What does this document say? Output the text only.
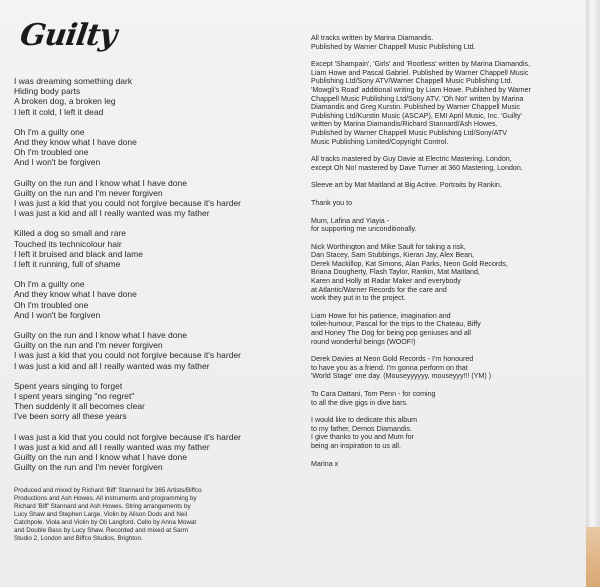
Guilty
I was dreaming something dark
Hiding body parts
A broken dog, a broken leg
I left it cold, I left it dead
Oh I'm a guilty one
And they know what I have done
Oh I'm troubled one
And I won't be forgiven
Guilty on the run and I know what I have done
Guilty on the run and I'm never forgiven
I was just a kid that you could not forgive because it's harder
I was just a kid and all I really wanted was my father
Killed a dog so small and rare
Touched its technicolour hair
I left it bruised and black and lame
I left it running, full of shame
Oh I'm a guilty one
And they know what I have done
Oh I'm troubled one
And I won't be forgiven
Guilty on the run and I know what I have done
Guilty on the run and I'm never forgiven
I was just a kid that you could not forgive because it's harder
I was just a kid and all I really wanted was my father
Spent years singing to forget
I spent years singing "no regret"
Then suddenly it all becomes clear
I've been sorry all these years
I was just a kid that you could not forgive because it's harder
I was just a kid and all I really wanted was my father
Guilty on the run and I know what I have done
Guilty on the run and I'm never forgiven
Produced and mixed by Richard 'Biff' Stannard for 365 Artists/Biffco
Productions and Ash Howes. All instruments and programming by
Richard 'Biff' Stannard and Ash Howes. String arrangements by
Lucy Shaw and Stephen Large. Violin by Alison Dods and Neil
Catchpole. Viola and Violin by Oli Langford. Cello by Anna Mowat
and Double Bass by Lucy Shaw. Recorded and mixed at Sarm
Studio 2, London and Biffco Studios, Brighton.
All tracks written by Marina Diamandis.
Published by Warner Chappell Music Publishing Ltd.
Except 'Shampain', 'Girls' and 'Rootless' written by Marina Diamandis,
Liam Howe and Pascal Gabriel. Published by Warner Chappell Music
Publishing Ltd/Sony ATV/Warner Chappell Music Publishing Ltd.
'Mowgli's Road' additional writing by Liam Howe. Published by Warner
Chappell Music Publishing Ltd/Sony ATV. 'Oh No!' written by Marina
Diamandis and Greg Kurstin. Published by Warner Chappell Music
Publishing Ltd/Kurstin Music (ASCAP), EMI April Music, Inc. 'Guilty'
written by Marina Diamandis/Richard Stannard/Ash Howes.
Published by Warner Chappell Music Publishing Ltd/Sony/ATV
Music Publishing Limited/Copyright Control.
All tracks mastered by Guy Davie at Electric Mastering, London,
except Oh No! mastered by Dave Turner at 360 Mastering, London.
Sleeve art by Mat Maitland at Big Active. Portraits by Rankin.
Thank you to
Mum, Lafina and Yiayia -
for supporting me unconditionally.
Nick Worthington and Mike Sault for taking a risk,
Dan Stacey, Sam Stubbings, Kieran Jay, Alex Bean,
Derek Mackillop, Kat Simons, Alan Parks, Neon Gold Records,
Briana Dougherty, Flash Taylor, Rankin, Mat Maitland,
Karen and Holly at Radar Maker and everybody
at Atlantic/Warner Records for the care and
work they put in to the project.
Liam Howe for his patience, imagination and
toilet-humour, Pascal for the trips to the Chateau, Biffy
and Honey The Dog for being pop geniuses and all
round wonderful beings (WOOF!)
Derek Davies at Neon Gold Records - I'm honoured
to have you as a friend. I'm gonna perform on that
'World Stage' one day. (Mouseyyyyyy, mouseyyy!!! (YM) )
To Cara Dattani, Tom Penn - for coming
to all the dive gigs in dive bars.
I would like to dedicate this album
to my father, Demos Diamandis.
I give thanks to you and Mum for
being an inspiration to us all.
Marina x
